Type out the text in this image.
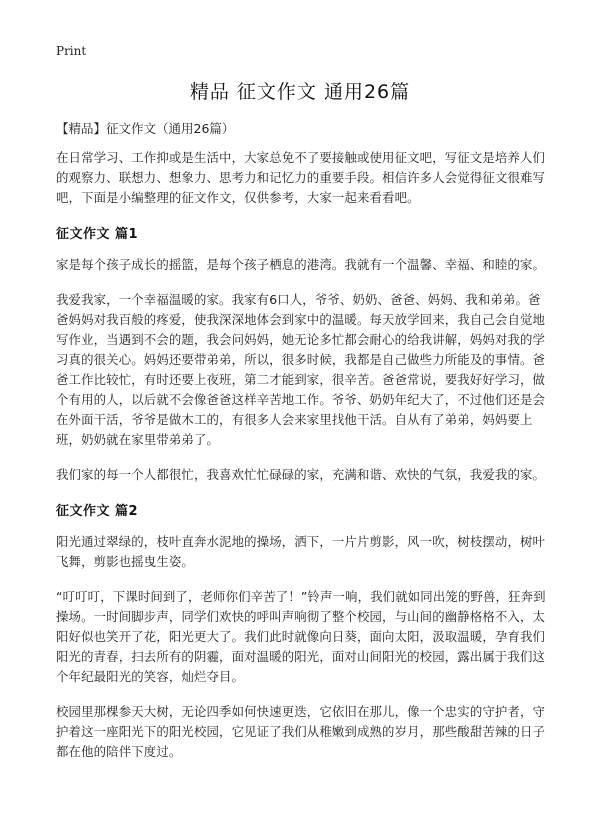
Print
精品 征文作文 通用26篇
【精品】征文作文（通用26篇）

在日常学习、工作抑或是生活中，大家总免不了要接触或使用征文吧，写征文是培养人们的观察力、联想力、想象力、思考力和记忆力的重要手段。相信许多人会觉得征文很难写吧，下面是小编整理的征文作文，仅供参考，大家一起来看看吧。

征文作文 篇1

家是每个孩子成长的摇篮，是每个孩子栖息的港湾。我就有一个温馨、幸福、和睦的家。

我爱我家，一个幸福温暖的家。我家有6口人，爷爷、奶奶、爸爸、妈妈、我和弟弟。爸爸妈妈对我百般的疼爱，使我深深地体会到家中的温暖。每天放学回来，我自己会自觉地写作业，当遇到不会的题，我会问妈妈，她无论多忙都会耐心的给我讲解，妈妈对我的学习真的很关心。妈妈还要带弟弟，所以，很多时候，我都是自己做些力所能及的事情。爸爸工作比较忙，有时还要上夜班，第二才能到家，很辛苦。爸爸常说，要我好好学习，做个有用的人，以后就不会像爸爸这样辛苦地工作。爷爷、奶奶年纪大了，不过他们还是会在外面干活，爷爷是做木工的，有很多人会来家里找他干活。自从有了弟弟，妈妈要上班，奶奶就在家里带弟弟了。

我们家的每一个人都很忙，我喜欢忙忙碌碌的家，充满和谐、欢快的气氛，我爱我的家。

征文作文 篇2

阳光通过翠绿的，枝叶直奔水泥地的操场，洒下，一片片剪影，风一吹，树枝摆动，树叶飞舞，剪影也摇曳生姿。

“叮叮叮，下课时间到了，老师你们辛苦了！”铃声一响，我们就如同出笼的野兽，狂奔到操场。一时间脚步声，同学们欢快的呼叫声响彻了整个校园，与山间的幽静格格不入，太阳好似也笑开了花，阳光更大了。我们此时就像向日葵，面向太阳，汲取温暖，孕育我们阳光的青春，扫去所有的阴霾，面对温暖的阳光，面对山间阳光的校园，露出属于我们这个年纪最阳光的笑容，灿烂夺目。

校园里那棵参天大树，无论四季如何快速更迭，它依旧在那儿，像一个忠实的守护者，守护着这一座阳光下的阳光校园，它见证了我们从稚嫩到成熟的岁月，那些酸甜苦辣的日子都在他的陪伴下度过。
